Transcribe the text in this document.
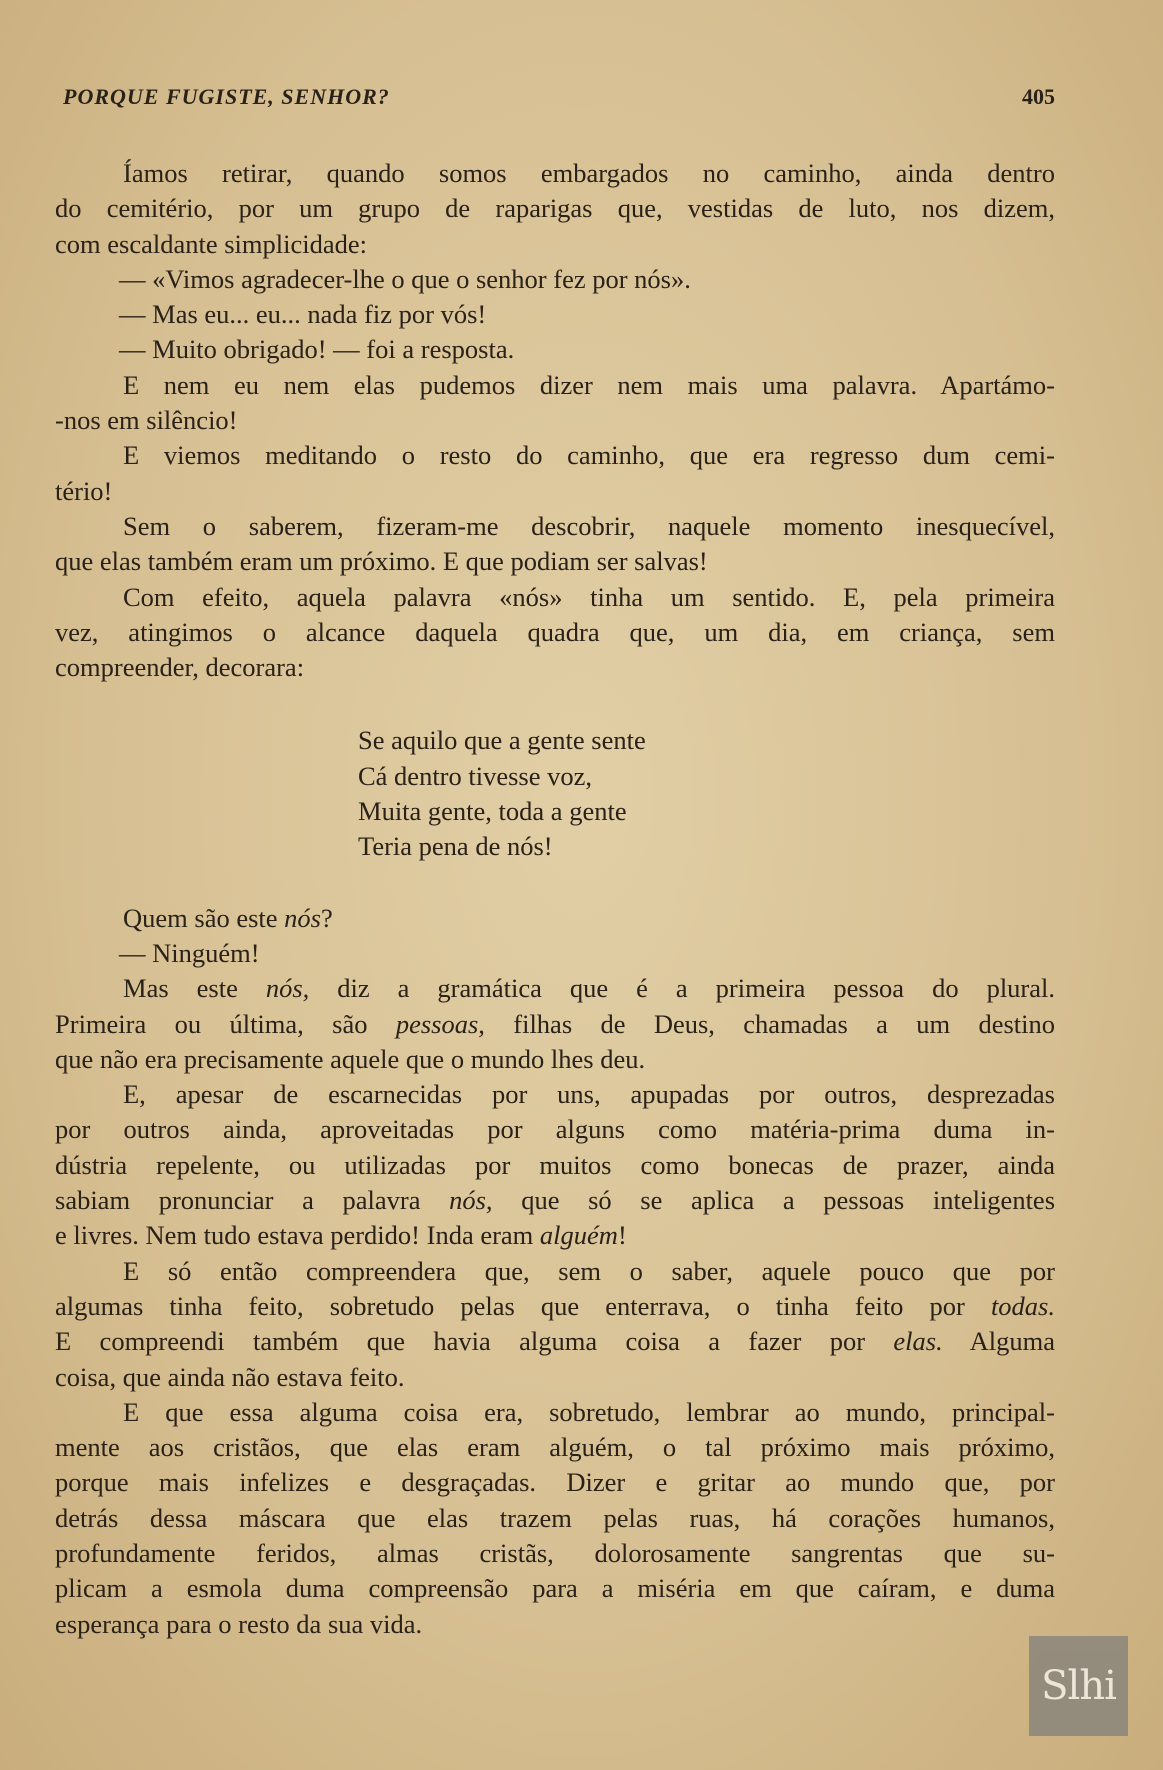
PORQUE FUGISTE, SENHOR?	405
Íamos retirar, quando somos embargados no caminho, ainda dentro
do cemitério, por um grupo de raparigas que, vestidas de luto, nos dizem,
com escaldante simplicidade:
— «Vimos agradecer-lhe o que o senhor fez por nós».
— Mas eu... eu... nada fiz por vós!
— Muito obrigado! — foi a resposta.
E nem eu nem elas pudemos dizer nem mais uma palavra. Apartámo-
-nos em silêncio!
E viemos meditando o resto do caminho, que era regresso dum cemi-
tério!
Sem o saberem, fizeram-me descobrir, naquele momento inesquecível,
que elas também eram um próximo. E que podiam ser salvas!
Com efeito, aquela palavra «nós» tinha um sentido. E, pela primeira
vez, atingimos o alcance daquela quadra que, um dia, em criança, sem
compreender, decorara:
Se aquilo que a gente sente
Cá dentro tivesse voz,
Muita gente, toda a gente
Teria pena de nós!
Quem são este nós?
— Ninguém!
Mas este nós, diz a gramática que é a primeira pessoa do plural.
Primeira ou última, são pessoas, filhas de Deus, chamadas a um destino
que não era precisamente aquele que o mundo lhes deu.
E, apesar de escarnecidas por uns, apupadas por outros, desprezadas
por outros ainda, aproveitadas por alguns como matéria-prima duma in-
dústria repelente, ou utilizadas por muitos como bonecas de prazer, ainda
sabiam pronunciar a palavra nós, que só se aplica a pessoas inteligentes
e livres. Nem tudo estava perdido! Inda eram alguém!
E só então compreendera que, sem o saber, aquele pouco que por
algumas tinha feito, sobretudo pelas que enterrava, o tinha feito por todas.
E compreendi também que havia alguma coisa a fazer por elas. Alguma
coisa, que ainda não estava feito.
E que essa alguma coisa era, sobretudo, lembrar ao mundo, principal-
mente aos cristãos, que elas eram alguém, o tal próximo mais próximo,
porque mais infelizes e desgraçadas. Dizer e gritar ao mundo que, por
detrás dessa máscara que elas trazem pelas ruas, há corações humanos,
profundamente feridos, almas cristãs, dolorosamente sangrentas que su-
plicam a esmola duma compreensão para a miséria em que caíram, e duma
esperança para o resto da sua vida.
Slhi
